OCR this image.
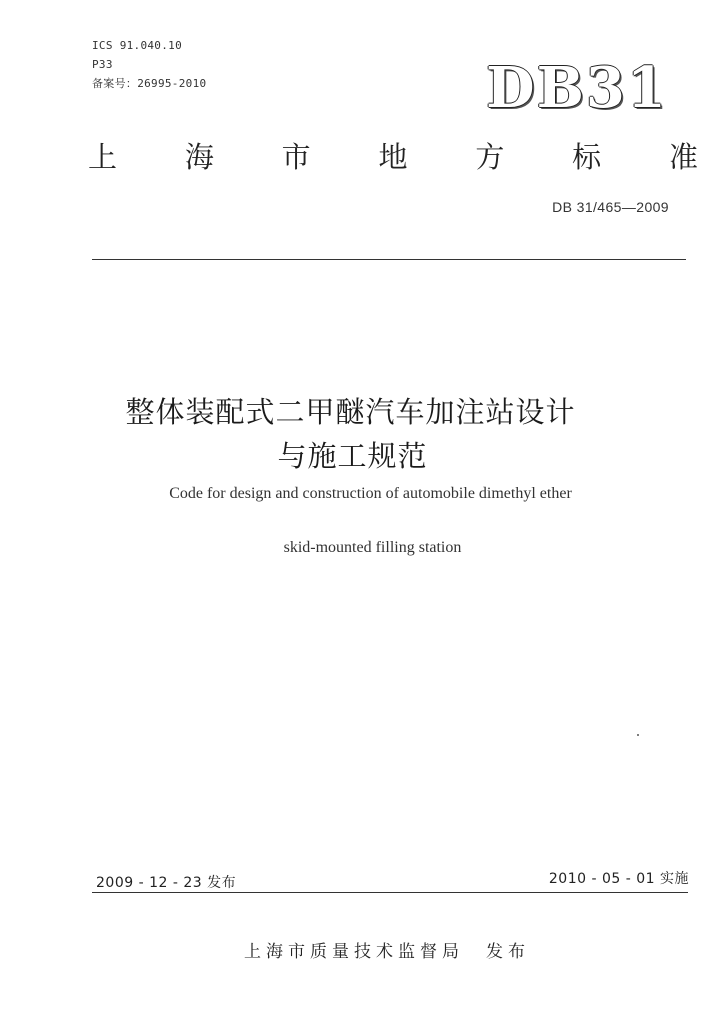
ICS 91.040.10
P33
备案号：26995-2010	DB31
上 海 市 地 方 标 准
DB 31/465—2009
整体装配式二甲醚汽车加注站设计
与施工规范
Code for design and construction of automobile dimethyl ether
skid-mounted filling station
2009 - 12 - 23 发布	2010 - 05 - 01 实施
上海市质量技术监督局 发布
